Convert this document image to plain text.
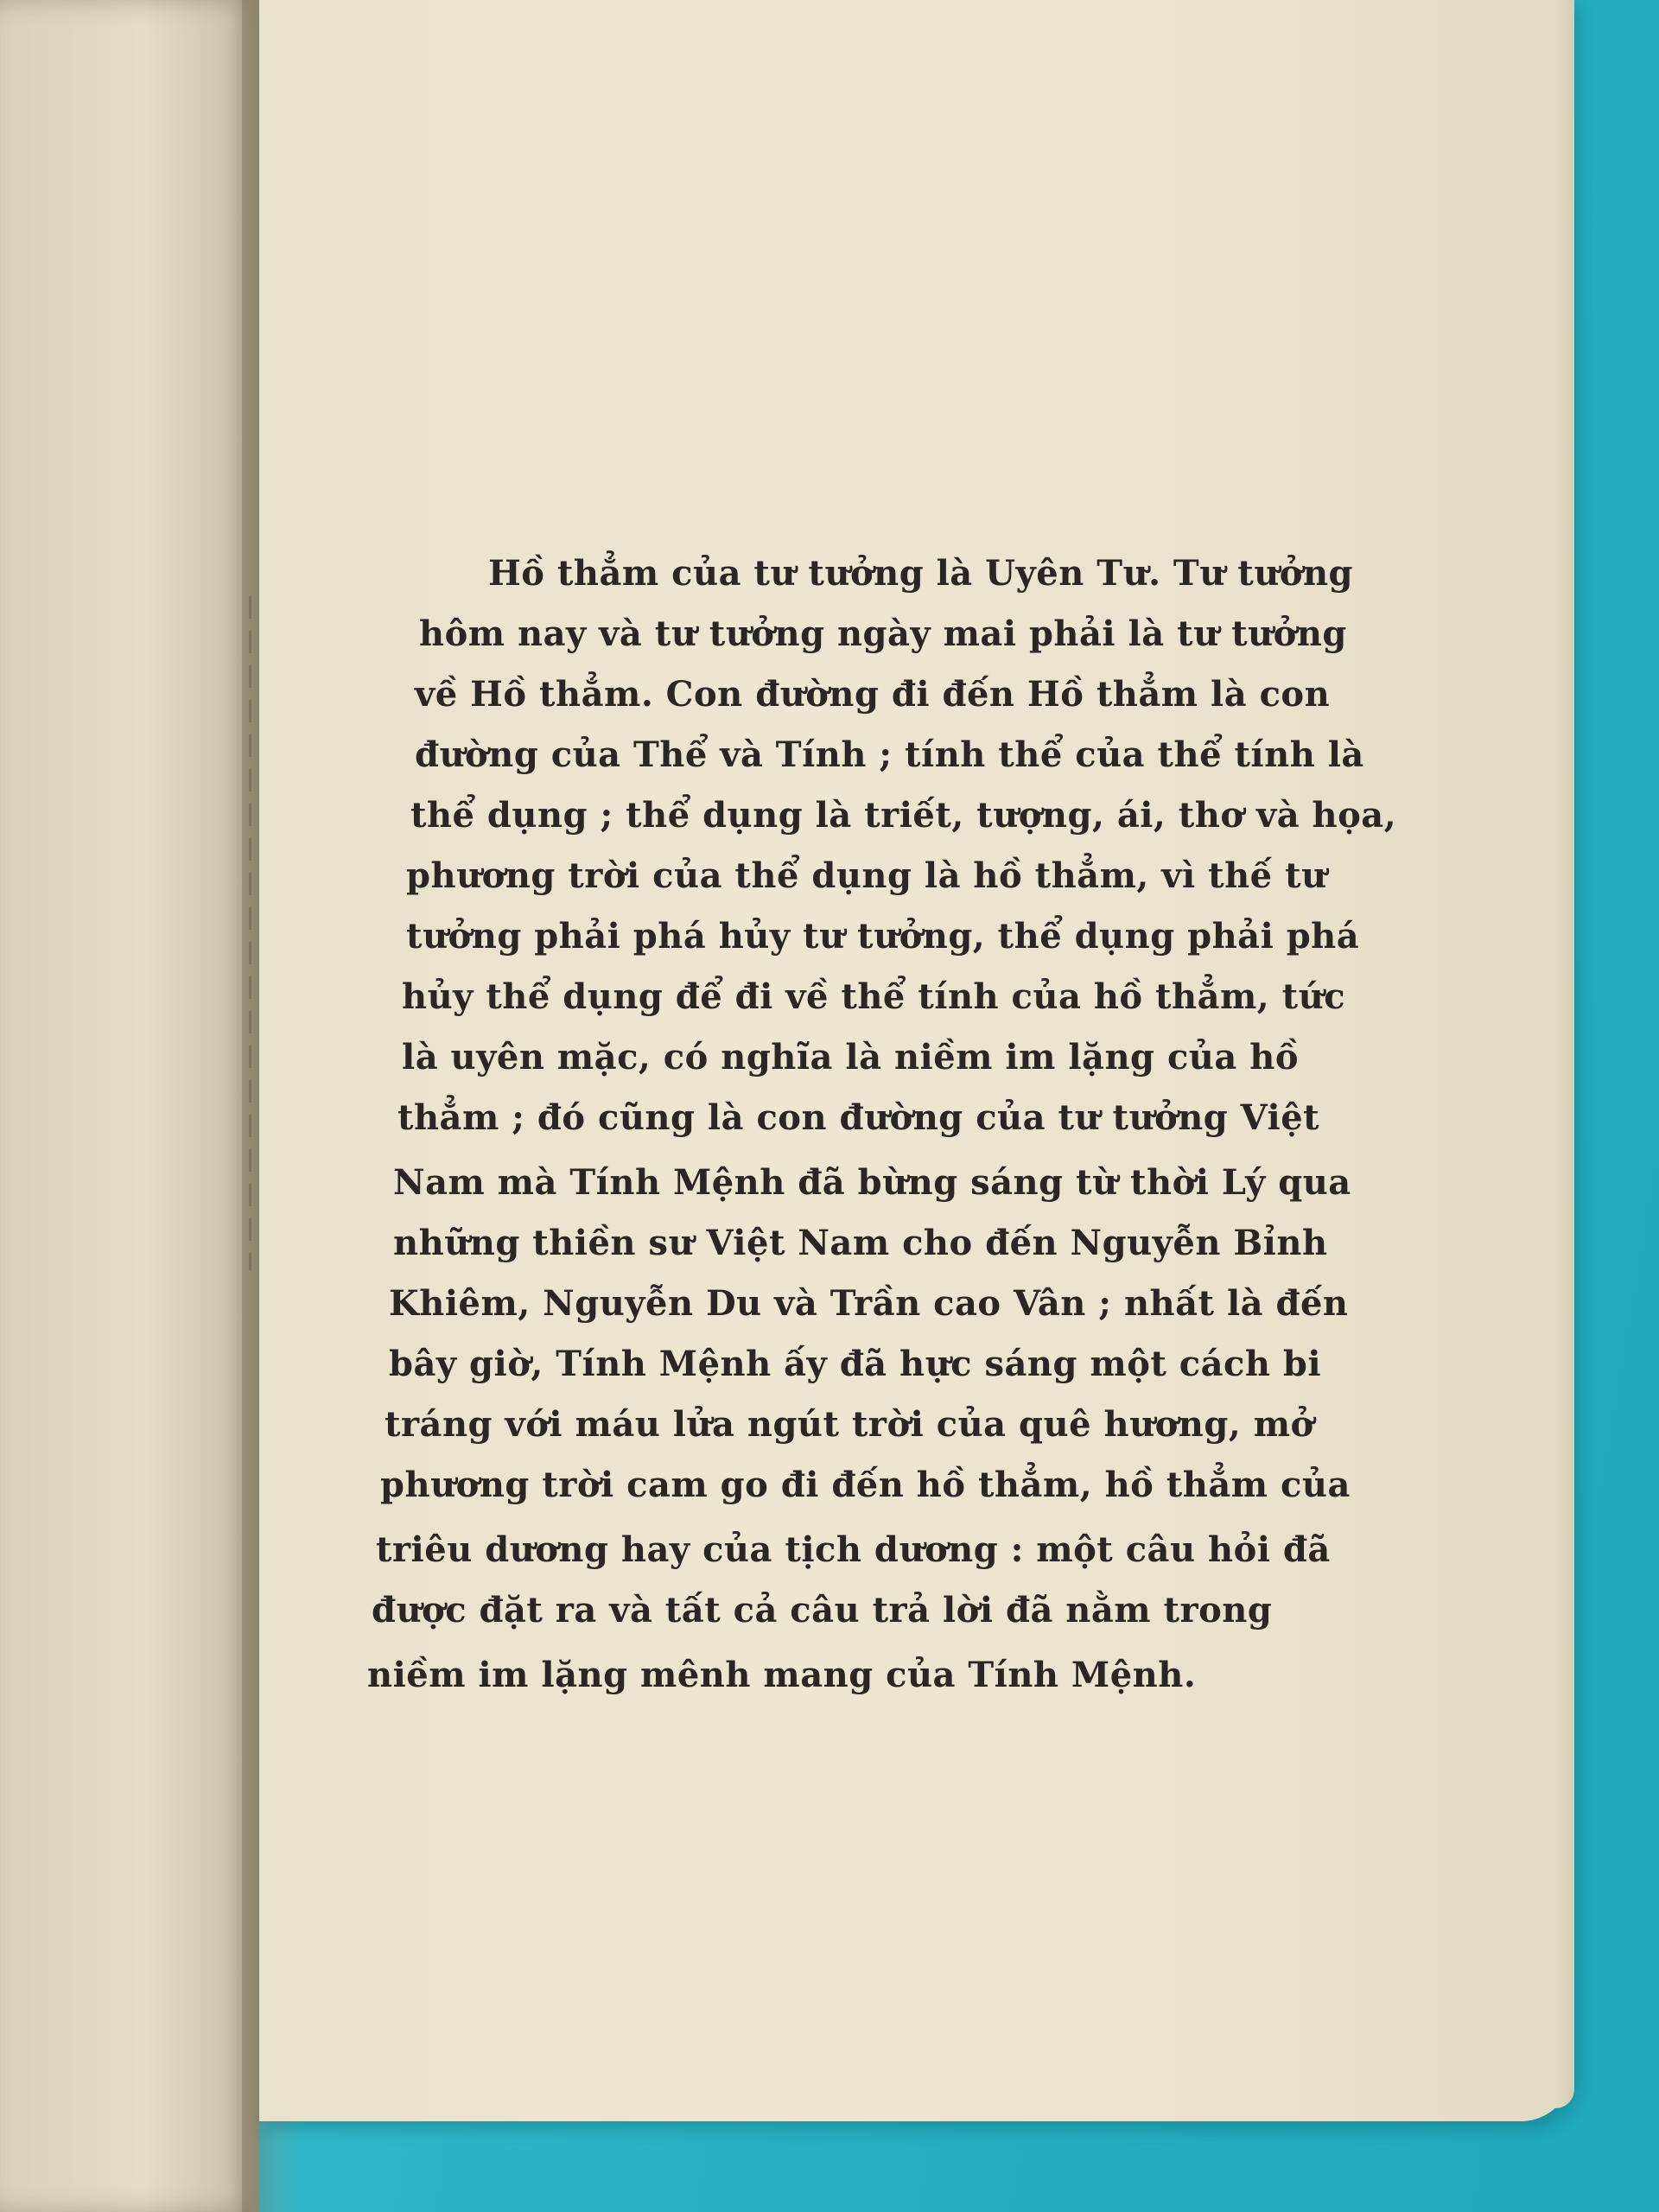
Hồ thẳm của tư tưởng là Uyên Tư. Tư tưởng
hôm nay và tư tưởng ngày mai phải là tư tưởng
về Hồ thẳm. Con đường đi đến Hồ thẳm là con
đường của Thể và Tính ; tính thể của thể tính là
thể dụng ; thể dụng là triết, tượng, ái, thơ và họa,
phương trời của thể dụng là hồ thẳm, vì thế tư
tưởng phải phá hủy tư tưởng, thể dụng phải phá
hủy thể dụng để đi về thể tính của hồ thẳm, tức
là uyên mặc, có nghĩa là niềm im lặng của hồ
thẳm ; đó cũng là con đường của tư tưởng Việt
Nam mà Tính Mệnh đã bừng sáng từ thời Lý qua
những thiền sư Việt Nam cho đến Nguyễn Bỉnh
Khiêm, Nguyễn Du và Trần cao Vân ; nhất là đến
bây giờ, Tính Mệnh ấy đã hực sáng một cách bi
tráng với máu lửa ngút trời của quê hương, mở
phương trời cam go đi đến hồ thẳm, hồ thẳm của
triêu dương hay của tịch dương : một câu hỏi đã
được đặt ra và tất cả câu trả lời đã nằm trong
niềm im lặng mênh mang của Tính Mệnh.
